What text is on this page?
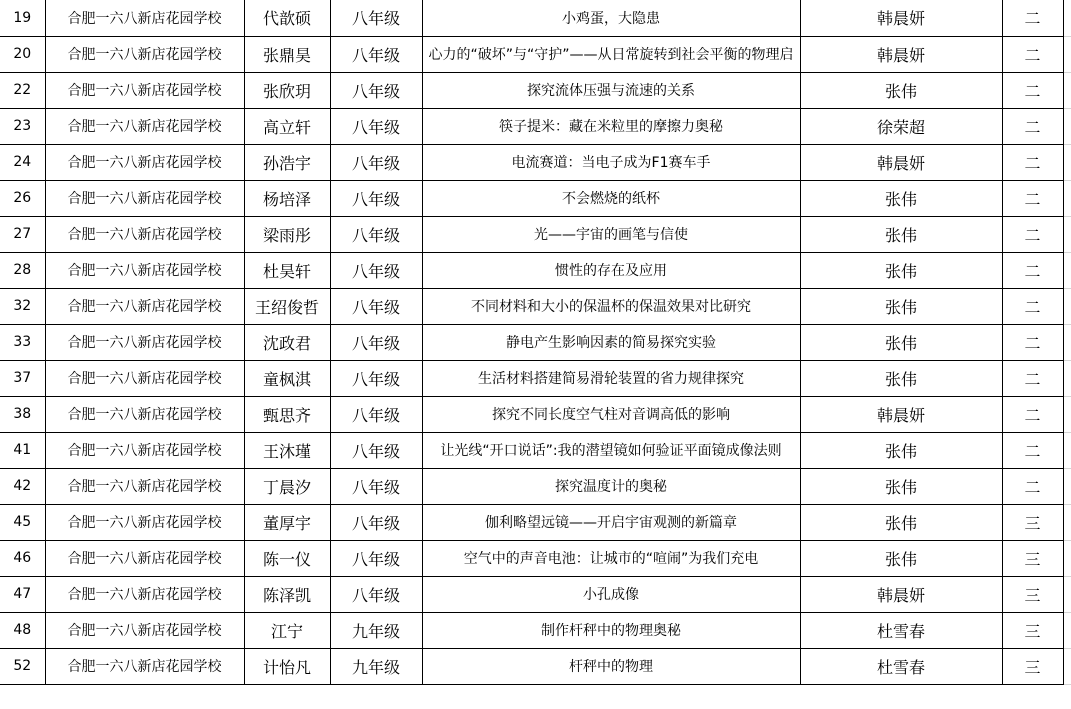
19	合肥一六八新店花园学校	代歆硕	八年级	小鸡蛋，大隐患	韩晨妍	二	
20	合肥一六八新店花园学校	张鼎昊	八年级	心力的“破坏”与“守护”——从日常旋转到社会平衡的物理启	韩晨妍	二	
22	合肥一六八新店花园学校	张欣玥	八年级	探究流体压强与流速的关系	张伟	二	
23	合肥一六八新店花园学校	高立轩	八年级	筷子提米：藏在米粒里的摩擦力奥秘	徐荣超	二	
24	合肥一六八新店花园学校	孙浩宇	八年级	电流赛道：当电子成为F1赛车手	韩晨妍	二	
26	合肥一六八新店花园学校	杨培泽	八年级	不会燃烧的纸杯	张伟	二	
27	合肥一六八新店花园学校	梁雨彤	八年级	光——宇宙的画笔与信使	张伟	二	
28	合肥一六八新店花园学校	杜昊轩	八年级	惯性的存在及应用	张伟	二	
32	合肥一六八新店花园学校	王绍俊哲	八年级	不同材料和大小的保温杯的保温效果对比研究	张伟	二	
33	合肥一六八新店花园学校	沈政君	八年级	静电产生影响因素的简易探究实验	张伟	二	
37	合肥一六八新店花园学校	童枫淇	八年级	生活材料搭建简易滑轮装置的省力规律探究	张伟	二	
38	合肥一六八新店花园学校	甄思齐	八年级	探究不同长度空气柱对音调高低的影响	韩晨妍	二	
41	合肥一六八新店花园学校	王沐瑾	八年级	让光线“开口说话”:我的潜望镜如何验证平面镜成像法则	张伟	二	
42	合肥一六八新店花园学校	丁晨汐	八年级	探究温度计的奥秘	张伟	二	
45	合肥一六八新店花园学校	董厚宇	八年级	伽利略望远镜——开启宇宙观测的新篇章	张伟	三	
46	合肥一六八新店花园学校	陈一仪	八年级	空气中的声音电池：让城市的“喧闹”为我们充电	张伟	三	
47	合肥一六八新店花园学校	陈泽凯	八年级	小孔成像	韩晨妍	三	
48	合肥一六八新店花园学校	江宁	九年级	制作杆秤中的物理奥秘	杜雪春	三	
52	合肥一六八新店花园学校	计怡凡	九年级	杆秤中的物理	杜雪春	三	
